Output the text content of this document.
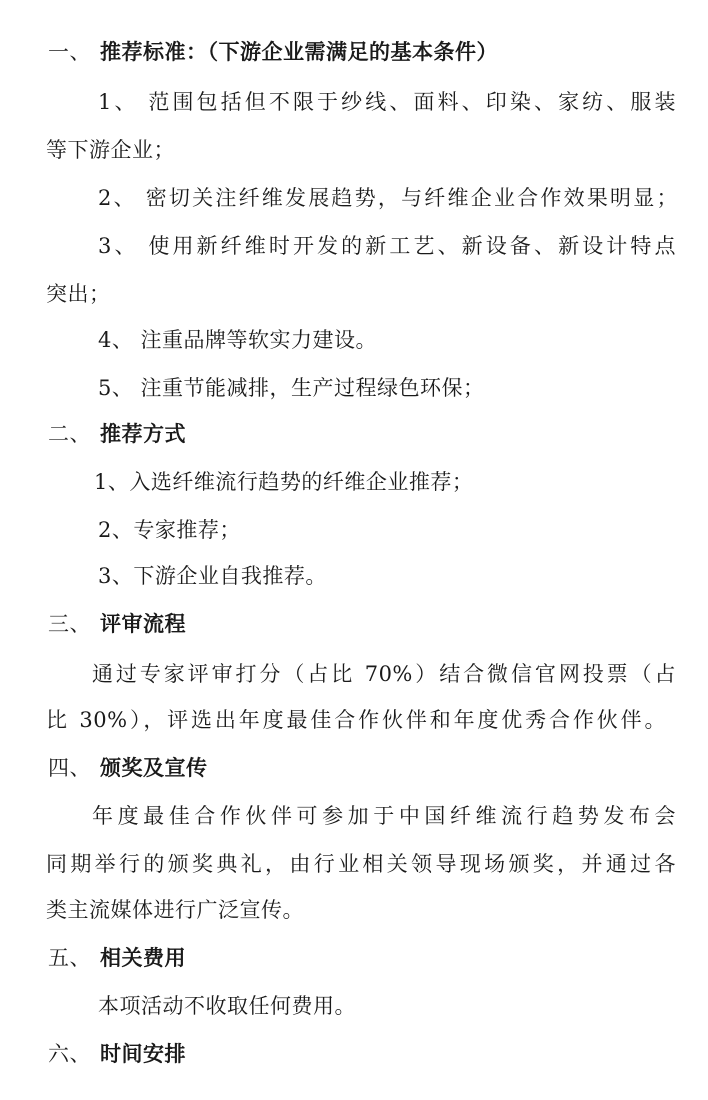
一、 推荐标准：（下游企业需满足的基本条件）
1、 范围包括但不限于纱线、面料、印染、家纺、服装
等下游企业；
2、 密切关注纤维发展趋势，与纤维企业合作效果明显；
3、 使用新纤维时开发的新工艺、新设备、新设计特点
突出；
4、 注重品牌等软实力建设。
5、 注重节能减排，生产过程绿色环保；
二、 推荐方式
1、入选纤维流行趋势的纤维企业推荐；
2、专家推荐；
3、下游企业自我推荐。
三、 评审流程
通过专家评审打分（占比 70%）结合微信官网投票（占
比 30%），评选出年度最佳合作伙伴和年度优秀合作伙伴。
四、 颁奖及宣传
年度最佳合作伙伴可参加于中国纤维流行趋势发布会
同期举行的颁奖典礼，由行业相关领导现场颁奖，并通过各
类主流媒体进行广泛宣传。
五、 相关费用
本项活动不收取任何费用。
六、 时间安排
